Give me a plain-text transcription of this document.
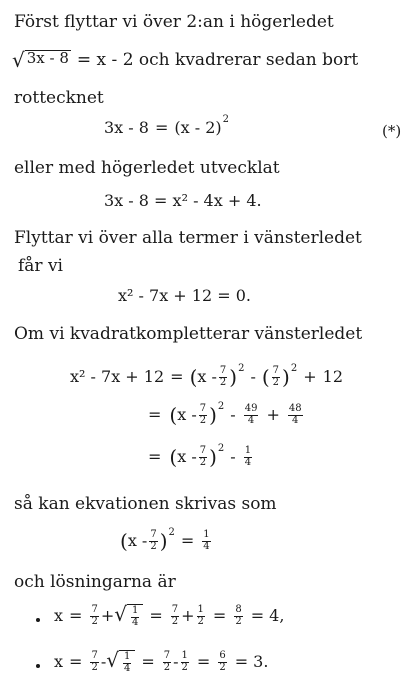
Först flyttar vi över 2:an i högerledet
√ 3x - 8 = x - 2 och kvadrerar sedan bort
rottecknet
3x - 8 = (x - 2) 2
(*)
eller med högerledet utvecklat
3x - 8 = x² - 4x + 4.
Flyttar vi över alla termer i vänsterledet
får vi
x² - 7x + 12 = 0.
Om vi kvadratkompletterar vänsterledet
x² - 7x + 12 = ( x - $\frac{7}{2}$ ) 2 - ( $\frac{7}{2}$ ) 2 + 12
= ( x - $\frac{7}{2}$ ) $2 - \frac{49}{4} + \frac{48}{4}$
= ( x - $\frac{7}{2}$ ) $2 - \frac{1}{4}$
så kan ekvationen skrivas som
( x - $\frac{7}{2}$ ) $2 = \frac{1}{4}$
och lösningarna är
$x = \frac{7}{2}$ + √ $\frac{1}{4} = \frac{7}{2} + \frac{1}{2} = \frac{8}{2} = 4$,
$x = \frac{7}{2}$ - √ $\frac{1}{4} = \frac{7}{2} - \frac{1}{2} = \frac{6}{2} = 3$.
